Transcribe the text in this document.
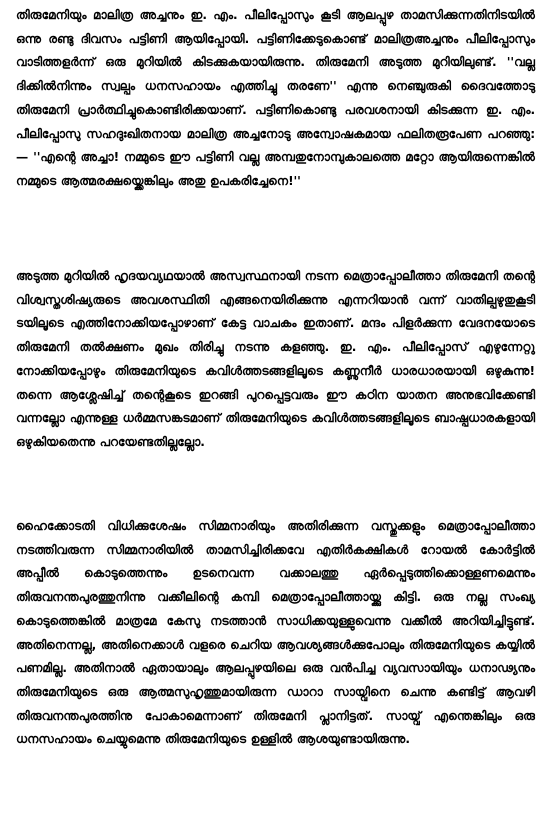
തിരുമേനിയും മാലിത്ര അച്ചനും ഇ. എം. പീലിപ്പോസും കൂടി ആലപ്പുഴ താമസിക്കുന്നതിനിടയിൽ ഒന്നു രണ്ടു ദിവസം പട്ടിണി ആയിപ്പോയി. പട്ടിണിക്കേടുകൊണ്ട് മാലിത്രഅച്ചനും പീലിപ്പോസും വാടിത്തളർന്ന് ഒരു മുറിയിൽ കിടക്കുകയായിരുന്നു. തിരുമേനി അടുത്ത മുറിയിലുണ്ട്. ''വല്ല ദിക്കിൽനിന്നും സ്വല്പം ധനസഹായം എത്തിച്ചു തരണേ'' എന്നു നെഞ്ചുരുകി ദൈവത്തോടു തിരുമേനി പ്രാർത്ഥിച്ചുകൊണ്ടിരിക്കയാണ്. പട്ടിണികൊണ്ടു പരവശനായി കിടക്കുന്ന ഇ. എം. പീലിപ്പോസു സഹദുഃഖിതനായ മാലിത്ര അച്ചനോടു അന്വോഷകമായ ഫലിതരൂപേണ പറഞ്ഞു: — ''എന്റെ അച്ചാ! നമ്മുടെ ഈ പട്ടിണി വല്ല അമ്പതുനോമ്പുകാലത്തെ മറ്റോ ആയിരുന്നെങ്കിൽ നമ്മുടെ ആത്മരക്ഷയ്ക്കെങ്കിലും അതു ഉപകരിച്ചേനെ!''

അടുത്ത മുറിയിൽ ഹൃദയവ്യഥയാൽ അസ്വസ്ഥനായി നടന്ന മെത്രാപ്പോലീത്താ തിരുമേനി തന്റെ വിശ്വസ്തശിഷ്യരുടെ അവശസ്ഥിതി എങ്ങനെയിരിക്കുന്നു എന്നറിയാൻ വന്ന് വാതില്പഴുതുകൂടി ടയിലൂടെ എത്തിനോക്കിയപ്പോഴാണ് കേട്ട വാചകം ഇതാണ്. മന്ദം പിളർക്കുന്ന വേദനയോടെ തിരുമേനി തൽക്ഷണം മുഖം തിരിച്ചു നടന്നു കളഞ്ഞു. ഇ. എം. പീലിപ്പോസ് എഴുന്നേറ്റു നോക്കിയപ്പോഴും തിരുമേനിയുടെ കവിൾത്തടങ്ങളിലൂടെ കണ്ണുനീർ ധാരധാരയായി ഒഴുകുന്നു! തന്നെ ആശ്ലേഷിച്ച് തന്റെകൂടെ ഇറങ്ങി പുറപ്പെട്ടവരും ഈ കഠിന യാതന അനുഭവിക്കേണ്ടി വന്നല്ലോ എന്നുള്ള ധർമ്മസങ്കടമാണ് തിരുമേനിയുടെ കവിൾത്തടങ്ങളിലൂടെ ബാഷ്പധാരകളായി ഒഴുകിയതെന്നു പറയേണ്ടതില്ലല്ലോ.

ഹൈക്കോടതി വിധിക്കുശേഷം സിമ്മനാരിയും അതിരിക്കുന്ന വസ്തുക്കളും മെത്രാപ്പോലീത്താ നടത്തിവരുന്ന സിമ്മനാരിയിൽ താമസിച്ചിരിക്കവേ എതിർകക്ഷികൾ റോയൽ കോർട്ടിൽ അപ്പീൽ കൊടുത്തെന്നും ഉടനെവന്ന വക്കാലത്തു ഏർപ്പെടുത്തിക്കൊള്ളണമെന്നും തിരുവനന്തപുരത്തുനിന്നു വക്കീലിന്റെ കമ്പി മെത്രാപ്പോലീത്തായ്ക്കു കിട്ടി. ഒരു നല്ല സംഖ്യ കൊടുത്തെങ്കിൽ മാത്രമേ കേസു നടത്താൻ സാധിക്കയുള്ളുവെന്നു വക്കീൽ അറിയിച്ചിട്ടുണ്ട്. അതിനെന്നല്ല, അതിനെക്കാൾ വളരെ ചെറിയ ആവശ്യങ്ങൾക്കുപോലും തിരുമേനിയുടെ കയ്യിൽ പണമില്ല. അതിനാൽ ഏതായാലും ആലപ്പുഴയിലെ ഒരു വൻപിച്ച വ്യവസായിയും ധനാഢ്യനും തിരുമേനിയുടെ ഒരു ആത്മസുഹൃത്തുമായിരുന്ന ഡാറാ സായ്വിനെ ചെന്നു കണ്ടിട്ട് ആവഴി തിരുവനന്തപുരത്തിനു പോകാമെന്നാണ് തിരുമേനി പ്ലാനിട്ടത്. സായ്വ് എന്തെങ്കിലും ഒരു ധനസഹായം ചെയ്യുമെന്നു തിരുമേനിയുടെ ഉള്ളിൽ ആശയുണ്ടായിരുന്നു.
